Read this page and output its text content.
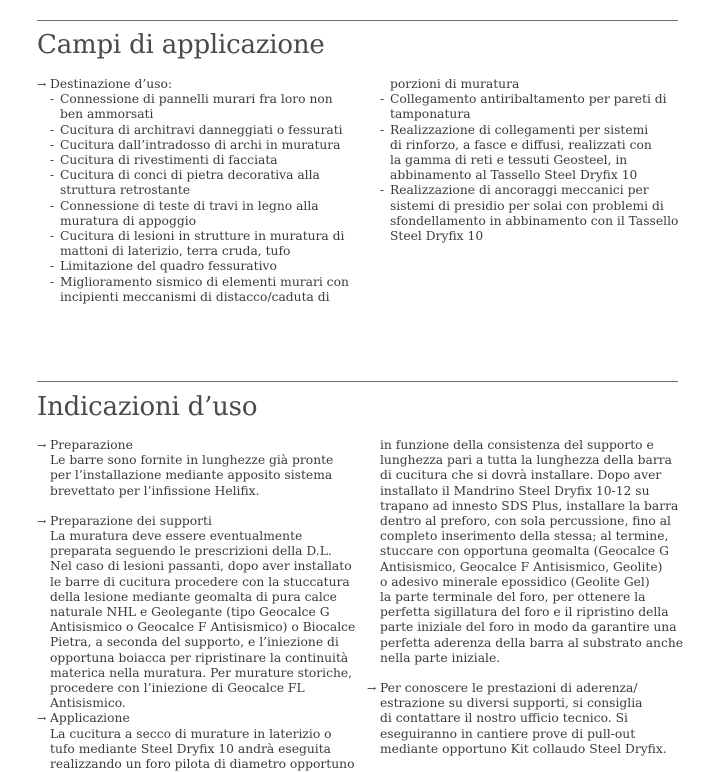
Campi di applicazione
→ Destinazione d’uso:
- Connessione di pannelli murari fra loro non
ben ammorsati
- Cucitura di architravi danneggiati o fessurati
- Cucitura dall’intradosso di archi in muratura
- Cucitura di rivestimenti di facciata
- Cucitura di conci di pietra decorativa alla
struttura retrostante
- Connessione di teste di travi in legno alla
muratura di appoggio
- Cucitura di lesioni in strutture in muratura di
mattoni di laterizio, terra cruda, tufo
- Limitazione del quadro fessurativo
- Miglioramento sismico di elementi murari con
incipienti meccanismi di distacco/caduta di
porzioni di muratura
- Collegamento antiribaltamento per pareti di
tamponatura
- Realizzazione di collegamenti per sistemi
di rinforzo, a fasce e diffusi, realizzati con
la gamma di reti e tessuti Geosteel, in
abbinamento al Tassello Steel Dryfix 10
- Realizzazione di ancoraggi meccanici per
sistemi di presidio per solai con problemi di
sfondellamento in abbinamento con il Tassello
Steel Dryfix 10
Indicazioni d’uso
→ Preparazione
Le barre sono fornite in lunghezze già pronte
per l’installazione mediante apposito sistema
brevettato per l’infissione Helifix.
→ Preparazione dei supporti
La muratura deve essere eventualmente
preparata seguendo le prescrizioni della D.L.
Nel caso di lesioni passanti, dopo aver installato
le barre di cucitura procedere con la stuccatura
della lesione mediante geomalta di pura calce
naturale NHL e Geolegante (tipo Geocalce G
Antisismico o Geocalce F Antisismico) o Biocalce
Pietra, a seconda del supporto, e l’iniezione di
opportuna boiacca per ripristinare la continuità
materica nella muratura. Per murature storiche,
procedere con l’iniezione di Geocalce FL
Antisismico.
→ Applicazione
La cucitura a secco di murature in laterizio o
tufo mediante Steel Dryfix 10 andrà eseguita
realizzando un foro pilota di diametro opportuno
in funzione della consistenza del supporto e
lunghezza pari a tutta la lunghezza della barra
di cucitura che si dovrà installare. Dopo aver
installato il Mandrino Steel Dryfix 10-12 su
trapano ad innesto SDS Plus, installare la barra
dentro al preforo, con sola percussione, fino al
completo inserimento della stessa; al termine,
stuccare con opportuna geomalta (Geocalce G
Antisismico, Geocalce F Antisismico, Geolite)
o adesivo minerale epossidico (Geolite Gel)
la parte terminale del foro, per ottenere la
perfetta sigillatura del foro e il ripristino della
parte iniziale del foro in modo da garantire una
perfetta aderenza della barra al substrato anche
nella parte iniziale.
→ Per conoscere le prestazioni di aderenza/
estrazione su diversi supporti, si consiglia
di contattare il nostro ufficio tecnico. Si
eseguiranno in cantiere prove di pull-out
mediante opportuno Kit collaudo Steel Dryfix.
